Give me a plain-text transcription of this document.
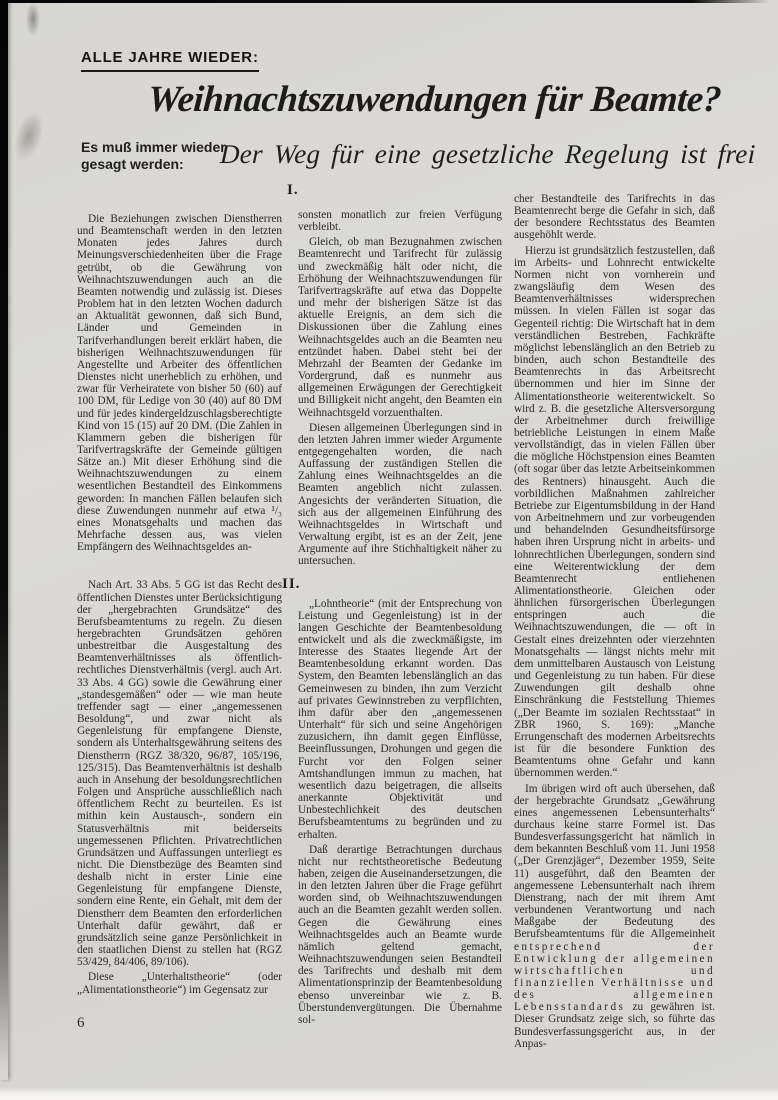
ALLE JAHRE WIEDER:
Weihnachtszuwendungen für Beamte?
Es muß immer wieder
gesagt werden:	Der Weg für eine gesetzliche Regelung ist frei

Die Beziehungen zwischen Dienstherren und Beamtenschaft werden in den letzten Monaten jedes Jahres durch Meinungsverschiedenheiten über die Frage getrübt, ob die Gewährung von Weihnachtszuwendungen auch an die Beamten notwendig und zulässig ist. Dieses Problem hat in den letzten Wochen dadurch an Aktualität gewonnen, daß sich Bund, Länder und Gemeinden in Tarifverhandlungen bereit erklärt haben, die bisherigen Weihnachtszuwendungen für Angestellte und Arbeiter des öffentlichen Dienstes nicht unerheblich zu erhöhen, und zwar für Verheiratete von bisher 50 (60) auf 100 DM, für Ledige von 30 (40) auf 80 DM und für jedes kindergeldzuschlagsberechtigte Kind von 15 (15) auf 20 DM. (Die Zahlen in Klammern geben die bisherigen für Tarifvertragskräfte der Gemeinde gültigen Sätze an.) Mit dieser Erhöhung sind die Weihnachtszuwendungen zu einem wesentlichen Bestandteil des Einkommens geworden: In manchen Fällen belaufen sich diese Zuwendungen nunmehr auf etwa ¹/₃ eines Monatsgehalts und machen das Mehrfache dessen aus, was vielen Empfängern des Weihnachtsgeldes an-

Nach Art. 33 Abs. 5 GG ist das Recht des öffentlichen Dienstes unter Berücksichtigung der „hergebrachten Grundsätze“ des Berufsbeamtentums zu regeln. Zu diesen hergebrachten Grundsätzen gehören unbestreitbar die Ausgestaltung des Beamtenverhältnisses als öffentlich-rechtliches Dienstverhältnis (vergl. auch Art. 33 Abs. 4 GG) sowie die Gewährung einer „standesgemäßen“ oder — wie man heute treffender sagt — einer „angemessenen Besoldung“, und zwar nicht als Gegenleistung für empfangene Dienste, sondern als Unterhaltsgewährung seitens des Dienstherrn (RGZ 38/320, 96/87, 105/196, 125/315). Das Beamtenverhältnis ist deshalb auch in Ansehung der besoldungsrechtlichen Folgen und Ansprüche ausschließlich nach öffentlichem Recht zu beurteilen. Es ist mithin kein Austausch-, sondern ein Statusverhältnis mit beiderseits ungemessenen Pflichten. Privatrechtlichen Grundsätzen und Auffassungen unterliegt es nicht. Die Dienstbezüge des Beamten sind deshalb nicht in erster Linie eine Gegenleistung für empfangene Dienste, sondern eine Rente, ein Gehalt, mit dem der Dienstherr dem Beamten den erforderlichen Unterhalt dafür gewährt, daß er grundsätzlich seine ganze Persönlichkeit in den staatlichen Dienst zu stellen hat (RGZ 53/429, 84/406, 89/106).

Diese „Unterhaltstheorie“ (oder „Alimentationstheorie“) im Gegensatz zur

I.

sonsten monatlich zur freien Verfügung verbleibt.

Gleich, ob man Bezugnahmen zwischen Beamtenrecht und Tarifrecht für zulässig und zweckmäßig hält oder nicht, die Erhöhung der Weihnachtszuwendungen für Tarifvertragskräfte auf etwa das Doppelte und mehr der bisherigen Sätze ist das aktuelle Ereignis, an dem sich die Diskussionen über die Zahlung eines Weihnachtsgeldes auch an die Beamten neu entzündet haben. Dabei steht bei der Mehrzahl der Beamten der Gedanke im Vordergrund, daß es nunmehr aus allgemeinen Erwägungen der Gerechtigkeit und Billigkeit nicht angeht, den Beamten ein Weihnachtsgeld vorzuenthalten.

Diesen allgemeinen Überlegungen sind in den letzten Jahren immer wieder Argumente entgegengehalten worden, die nach Auffassung der zuständigen Stellen die Zahlung eines Weihnachtsgeldes an die Beamten angeblich nicht zulassen. Angesichts der veränderten Situation, die sich aus der allgemeinen Einführung des Weihnachtsgeldes in Wirtschaft und Verwaltung ergibt, ist es an der Zeit, jene Argumente auf ihre Stichhaltigkeit näher zu untersuchen.

II.

„Lohntheorie“ (mit der Entsprechung von Leistung und Gegenleistung) ist in der langen Geschichte der Beamtenbesoldung entwickelt und als die zweckmäßigste, im Interesse des Staates liegende Art der Beamtenbesoldung erkannt worden. Das System, den Beamten lebenslänglich an das Gemeinwesen zu binden, ihn zum Verzicht auf privates Gewinnstreben zu verpflichten, ihm dafür aber den „angemessenen Unterhalt“ für sich und seine Angehörigen zuzusichern, ihn damit gegen Einflüsse, Beeinflussungen, Drohungen und gegen die Furcht vor den Folgen seiner Amtshandlungen immun zu machen, hat wesentlich dazu beigetragen, die allseits anerkannte Objektivität und Unbestechlichkeit des deutschen Berufsbeamtentums zu begründen und zu erhalten.

Daß derartige Betrachtungen durchaus nicht nur rechtstheoretische Bedeutung haben, zeigen die Auseinandersetzungen, die in den letzten Jahren über die Frage geführt worden sind, ob Weihnachtszuwendungen auch an die Beamten gezahlt werden sollen. Gegen die Gewährung eines Weihnachtsgeldes auch an Beamte wurde nämlich geltend gemacht, Weihnachtszuwendungen seien Bestandteil des Tarifrechts und deshalb mit dem Alimentationsprinzip der Beamtenbesoldung ebenso unvereinbar wie z. B. Überstundenvergütungen. Die Übernahme sol-

cher Bestandteile des Tarifrechts in das Beamtenrecht berge die Gefahr in sich, daß der besondere Rechtsstatus des Beamten ausgehöhlt werde.

Hierzu ist grundsätzlich festzustellen, daß im Arbeits- und Lohnrecht entwickelte Normen nicht von vornherein und zwangsläufig dem Wesen des Beamtenverhältnisses widersprechen müssen. In vielen Fällen ist sogar das Gegenteil richtig: Die Wirtschaft hat in dem verständlichen Bestreben, Fachkräfte möglichst lebenslänglich an den Betrieb zu binden, auch schon Bestandteile des Beamtenrechts in das Arbeitsrecht übernommen und hier im Sinne der Alimentationstheorie weiterentwickelt. So wird z. B. die gesetzliche Altersversorgung der Arbeitnehmer durch freiwillige betriebliche Leistungen in einem Maße vervollständigt, das in vielen Fällen über die mögliche Höchstpension eines Beamten (oft sogar über das letzte Arbeitseinkommen des Rentners) hinausgeht. Auch die vorbildlichen Maßnahmen zahlreicher Betriebe zur Eigentumsbildung in der Hand von Arbeitnehmern und zur vorbeugenden und behandelnden Gesundheitsfürsorge haben ihren Ursprung nicht in arbeits- und lohnrechtlichen Überlegungen, sondern sind eine Weiterentwicklung der dem Beamtenrecht entliehenen Alimentationstheorie. Gleichen oder ähnlichen fürsorgerischen Überlegungen entspringen auch die Weihnachtszuwendungen, die — oft in Gestalt eines dreizehnten oder vierzehnten Monatsgehalts — längst nichts mehr mit dem unmittelbaren Austausch von Leistung und Gegenleistung zu tun haben. Für diese Zuwendungen gilt deshalb ohne Einschränkung die Feststellung Thiemes („Der Beamte im sozialen Rechtsstaat“ in ZBR 1960, S. 169): „Manche Errungenschaft des modernen Arbeitsrechts ist für die besondere Funktion des Beamtentums ohne Gefahr und kann übernommen werden.“

Im übrigen wird oft auch übersehen, daß der hergebrachte Grundsatz „Gewährung eines angemessenen Lebensunterhalts“ durchaus keine starre Formel ist. Das Bundesverfassungsgericht hat nämlich in dem bekannten Beschluß vom 11. Juni 1958 („Der Grenzjäger“, Dezember 1959, Seite 11) ausgeführt, daß den Beamten der angemessene Lebensunterhalt nach ihrem Dienstrang, nach der mit ihrem Amt verbundenen Verantwortung und nach Maßgabe der Bedeutung des Berufsbeamtentums für die Allgemeinheit entsprechend der Entwicklung der allgemeinen wirtschaftlichen und finanziellen Verhältnisse und des allgemeinen Lebensstandards zu gewähren ist. Dieser Grundsatz zeige sich, so führte das Bundesverfassungsgericht aus, in der Anpas-

6
